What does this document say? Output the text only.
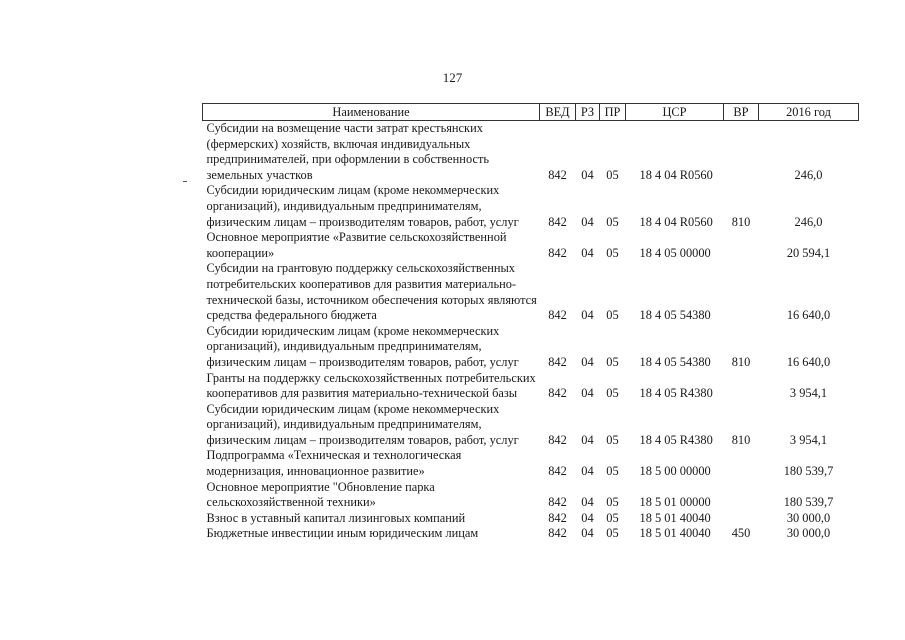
127
Наименование	ВЕД	РЗ	ПР	ЦСР	ВР	2016 год
Субсидии на возмещение части затрат крестьянских (фермерских) хозяйств, включая индивидуальных предпринимателей, при оформлении в собственность земельных участков	842	04	05	18 4 04 R0560		246,0
Субсидии юридическим лицам (кроме некоммерческих организаций), индивидуальным предпринимателям, физическим лицам – производителям товаров, работ, услуг	842	04	05	18 4 04 R0560	810	246,0
Основное мероприятие «Развитие сельскохозяйственной кооперации»	842	04	05	18 4 05 00000		20 594,1
Субсидии на грантовую поддержку сельскохозяйственных потребительских кооперативов для развития материально-технической базы, источником обеспечения которых являются средства федерального бюджета	842	04	05	18 4 05 54380		16 640,0
Субсидии юридическим лицам (кроме некоммерческих организаций), индивидуальным предпринимателям, физическим лицам – производителям товаров, работ, услуг	842	04	05	18 4 05 54380	810	16 640,0
Гранты на поддержку сельскохозяйственных потребительских кооперативов для развития материально-технической базы	842	04	05	18 4 05 R4380		3 954,1
Субсидии юридическим лицам (кроме некоммерческих организаций), индивидуальным предпринимателям, физическим лицам – производителям товаров, работ, услуг	842	04	05	18 4 05 R4380	810	3 954,1
Подпрограмма «Техническая и технологическая модернизация, инновационное развитие»	842	04	05	18 5 00 00000		180 539,7
Основное мероприятие "Обновление парка сельскохозяйственной техники»	842	04	05	18 5 01 00000		180 539,7
Взнос в уставный капитал лизинговых компаний	842	04	05	18 5 01 40040		30 000,0
Бюджетные инвестиции иным юридическим лицам	842	04	05	18 5 01 40040	450	30 000,0
